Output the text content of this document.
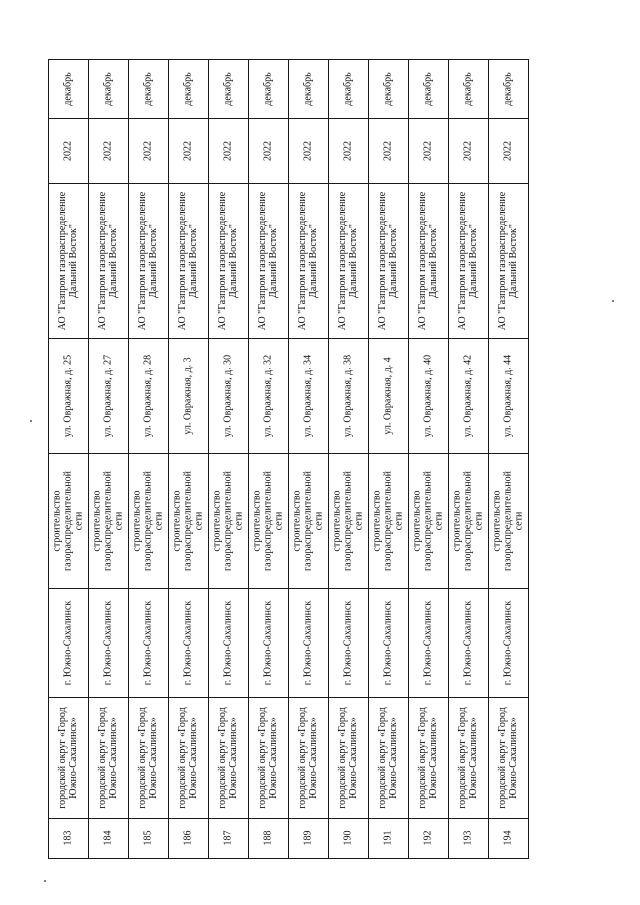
декабрь
2022
АО "Газпром газораспределение Дальний Восток"
ул. Овражная, д. 25
строительство газораспределительной сети
г. Южно-Сахалинск
городской округ «Город Южно-Сахалинск»
183
декабрь
2022
АО "Газпром газораспределение Дальний Восток"
ул. Овражная, д. 27
строительство газораспределительной сети
г. Южно-Сахалинск
городской округ «Город Южно-Сахалинск»
184
декабрь
2022
АО "Газпром газораспределение Дальний Восток"
ул. Овражная, д. 28
строительство газораспределительной сети
г. Южно-Сахалинск
городской округ «Город Южно-Сахалинск»
185
декабрь
2022
АО "Газпром газораспределение Дальний Восток"
ул. Овражная, д. 3
строительство газораспределительной сети
г. Южно-Сахалинск
городской округ «Город Южно-Сахалинск»
186
декабрь
2022
АО "Газпром газораспределение Дальний Восток"
ул. Овражная, д. 30
строительство газораспределительной сети
г. Южно-Сахалинск
городской округ «Город Южно-Сахалинск»
187
декабрь
2022
АО "Газпром газораспределение Дальний Восток"
ул. Овражная, д. 32
строительство газораспределительной сети
г. Южно-Сахалинск
городской округ «Город Южно-Сахалинск»
188
декабрь
2022
АО "Газпром газораспределение Дальний Восток"
ул. Овражная, д. 34
строительство газораспределительной сети
г. Южно-Сахалинск
городской округ «Город Южно-Сахалинск»
189
декабрь
2022
АО "Газпром газораспределение Дальний Восток"
ул. Овражная, д. 38
строительство газораспределительной сети
г. Южно-Сахалинск
городской округ «Город Южно-Сахалинск»
190
декабрь
2022
АО "Газпром газораспределение Дальний Восток"
ул. Овражная, д. 4
строительство газораспределительной сети
г. Южно-Сахалинск
городской округ «Город Южно-Сахалинск»
191
декабрь
2022
АО "Газпром газораспределение Дальний Восток"
ул. Овражная, д. 40
строительство газораспределительной сети
г. Южно-Сахалинск
городской округ «Город Южно-Сахалинск»
192
декабрь
2022
АО "Газпром газораспределение Дальний Восток"
ул. Овражная, д. 42
строительство газораспределительной сети
г. Южно-Сахалинск
городской округ «Город Южно-Сахалинск»
193
декабрь
2022
АО "Газпром газораспределение Дальний Восток"
ул. Овражная, д. 44
строительство газораспределительной сети
г. Южно-Сахалинск
городской округ «Город Южно-Сахалинск»
194
